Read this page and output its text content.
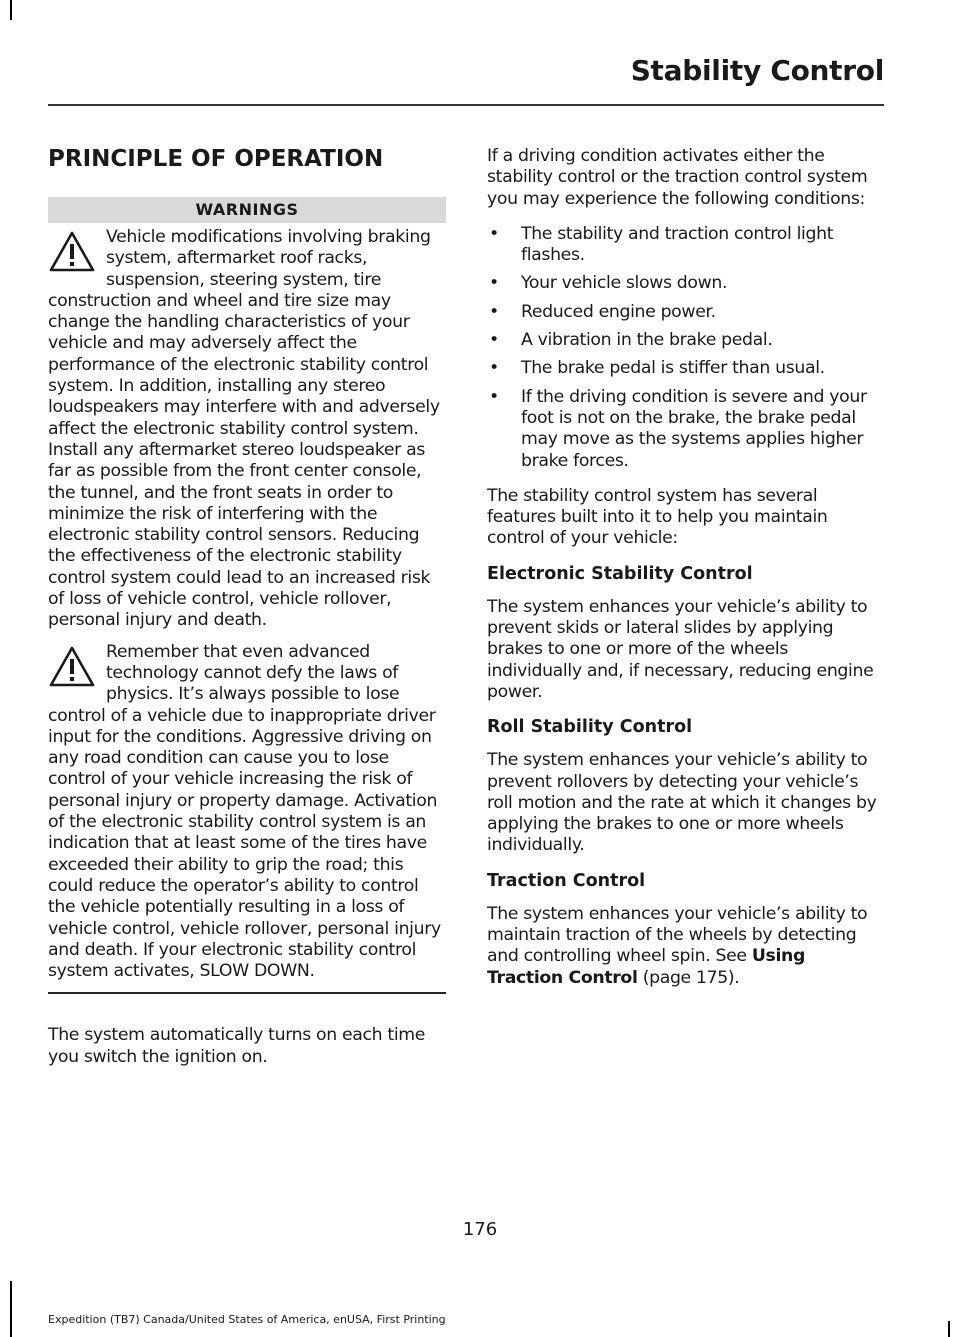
Stability Control
PRINCIPLE OF OPERATION
WARNINGS
Vehicle modifications involving braking system, aftermarket roof racks, suspension, steering system, tire construction and wheel and tire size may change the handling characteristics of your vehicle and may adversely affect the performance of the electronic stability control system. In addition, installing any stereo loudspeakers may interfere with and adversely affect the electronic stability control system. Install any aftermarket stereo loudspeaker as far as possible from the front center console, the tunnel, and the front seats in order to minimize the risk of interfering with the electronic stability control sensors. Reducing the effectiveness of the electronic stability control system could lead to an increased risk of loss of vehicle control, vehicle rollover, personal injury and death.
Remember that even advanced technology cannot defy the laws of physics. It’s always possible to lose control of a vehicle due to inappropriate driver input for the conditions. Aggressive driving on any road condition can cause you to lose control of your vehicle increasing the risk of personal injury or property damage. Activation of the electronic stability control system is an indication that at least some of the tires have exceeded their ability to grip the road; this could reduce the operator’s ability to control the vehicle potentially resulting in a loss of vehicle control, vehicle rollover, personal injury and death. If your electronic stability control system activates, SLOW DOWN.

The system automatically turns on each time you switch the ignition on.

If a driving condition activates either the stability control or the traction control system you may experience the following conditions:

• The stability and traction control light flashes.
• Your vehicle slows down.
• Reduced engine power.
• A vibration in the brake pedal.
• The brake pedal is stiffer than usual.
• If the driving condition is severe and your foot is not on the brake, the brake pedal may move as the systems applies higher brake forces.

The stability control system has several features built into it to help you maintain control of your vehicle:

Electronic Stability Control

The system enhances your vehicle’s ability to prevent skids or lateral slides by applying brakes to one or more of the wheels individually and, if necessary, reducing engine power.

Roll Stability Control

The system enhances your vehicle’s ability to prevent rollovers by detecting your vehicle’s roll motion and the rate at which it changes by applying the brakes to one or more wheels individually.

Traction Control

The system enhances your vehicle’s ability to maintain traction of the wheels by detecting and controlling wheel spin. See Using Traction Control (page 175).

176
Expedition (TB7) Canada/United States of America, enUSA, First Printing
